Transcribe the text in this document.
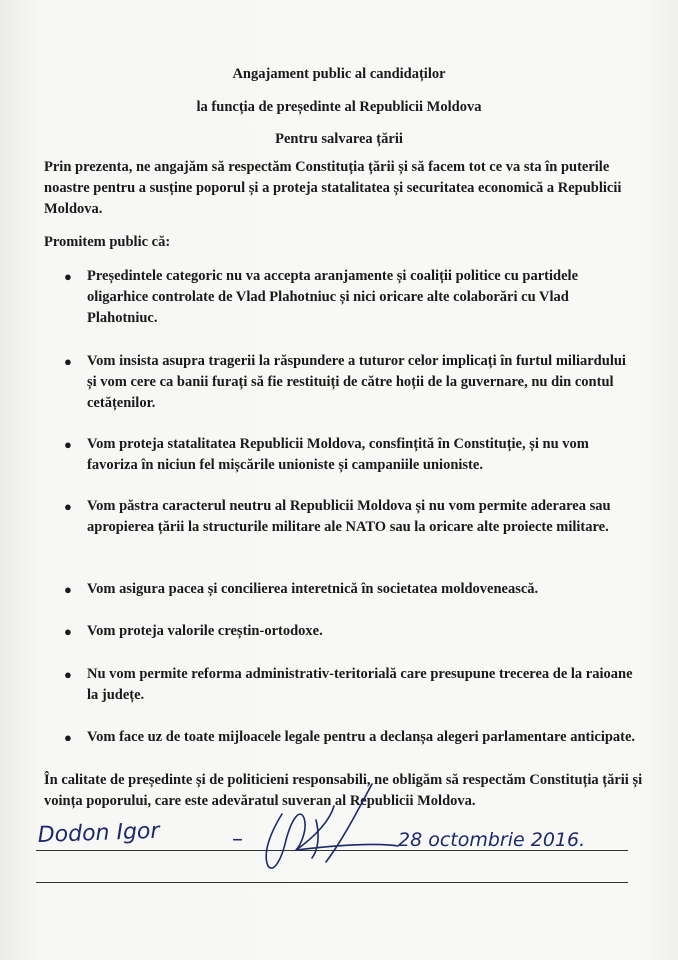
Angajament public al candidaților

la funcția de președinte al Republicii Moldova

Pentru salvarea țării

Prin prezenta, ne angajăm să respectăm Constituția țării și să facem tot ce va sta în puterile noastre pentru a susține poporul și a proteja statalitatea și securitatea economică a Republicii Moldova.

Promitem public că:

●	Președintele categoric nu va accepta aranjamente și coaliții politice cu partidele oligarhice controlate de Vlad Plahotniuc și nici oricare alte colaborări cu Vlad Plahotniuc.
●	Vom insista asupra tragerii la răspundere a tuturor celor implicați în furtul miliardului și vom cere ca banii furați să fie restituiți de către hoții de la guvernare, nu din contul cetățenilor.
●	Vom proteja statalitatea Republicii Moldova, consfințită în Constituție, și nu vom favoriza în niciun fel mișcările unioniste și campaniile unioniste.
●	Vom păstra caracterul neutru al Republicii Moldova și nu vom permite aderarea sau apropierea țării la structurile militare ale NATO sau la oricare alte proiecte militare.
●	Vom asigura pacea și concilierea interetnică în societatea moldovenească.
●	Vom proteja valorile creștin-ortodoxe.
●	Nu vom permite reforma administrativ-teritorială care presupune trecerea de la raioane la județe.
●	Vom face uz de toate mijloacele legale pentru a declanșa alegeri parlamentare anticipate.

În calitate de președinte și de politicieni responsabili, ne obligăm să respectăm Constituția țării și voința poporului, care este adevăratul suveran al Republicii Moldova.

Dodon Igor	–	28 octombrie 2016.
